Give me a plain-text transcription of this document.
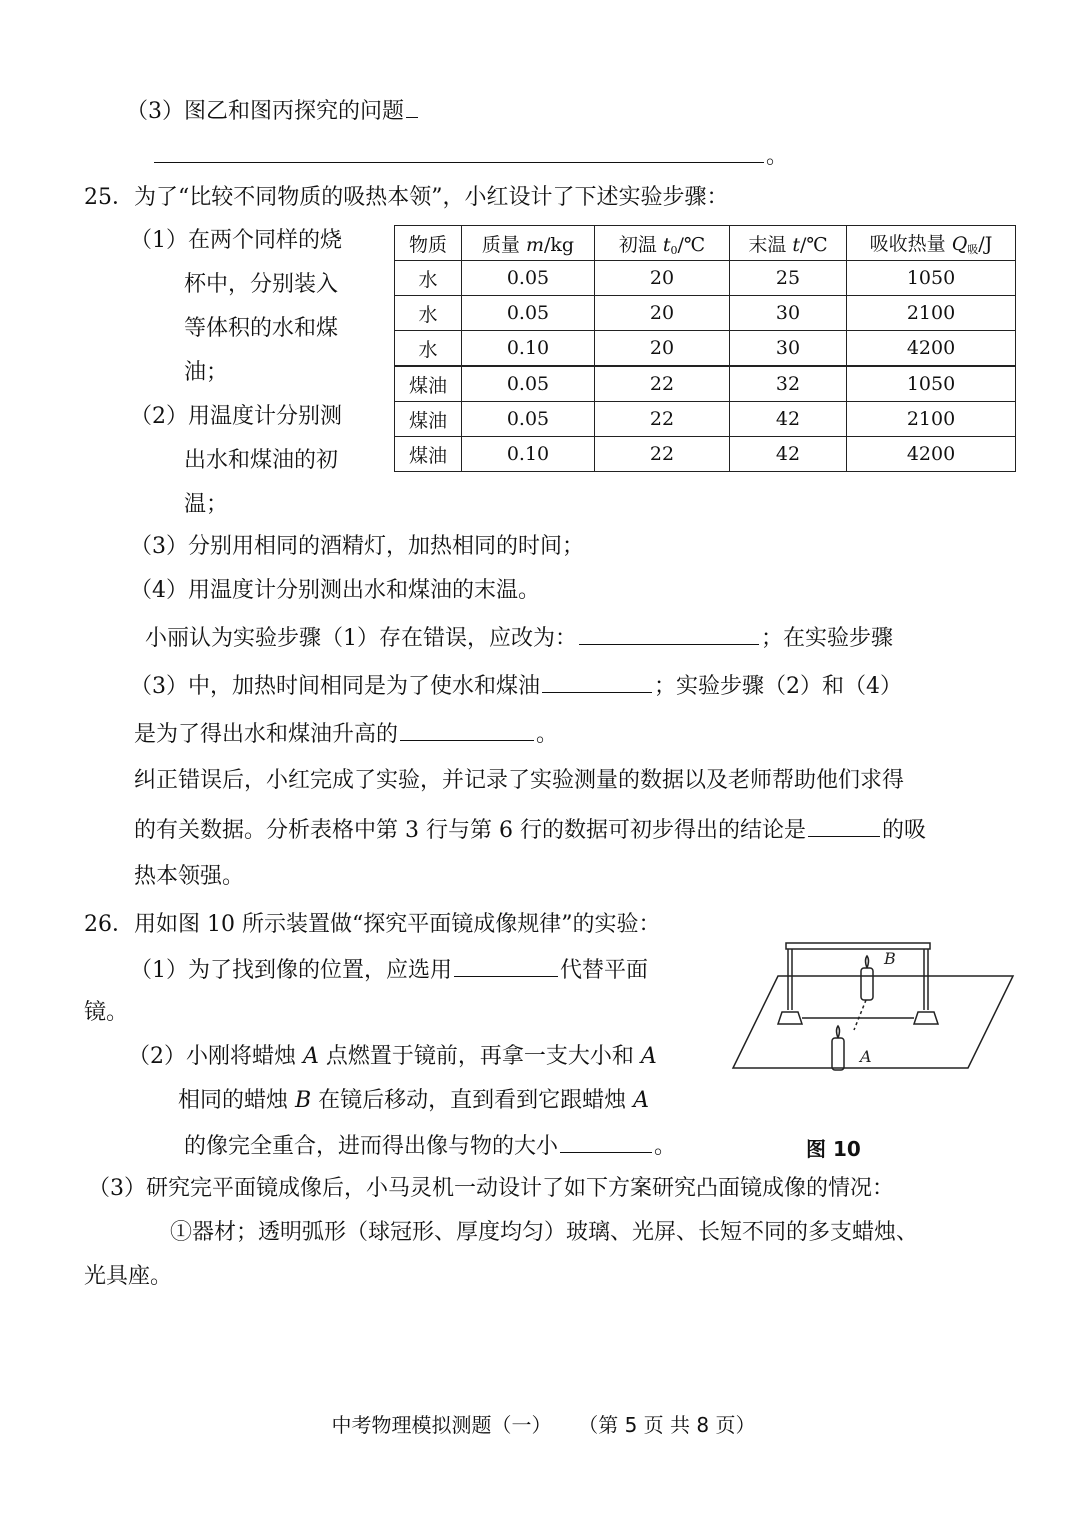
（3）图乙和图丙探究的问题
。
25．为了“比较不同物质的吸热本领”，小红设计了下述实验步骤：
（1）在两个同样的烧
杯中，分别装入
等体积的水和煤
油；
（2）用温度计分别测
出水和煤油的初
温；
物质	质量 m/kg	初温 $t_0/℃$	末温 t/℃	吸收热量 $Q_吸/J$
水	0.05	20	25	1050
水	0.05	20	30	2100
水	0.10	20	30	4200
煤油	0.05	22	32	1050
煤油	0.05	22	42	2100
煤油	0.10	22	42	4200
（3）分别用相同的酒精灯，加热相同的时间；
（4）用温度计分别测出水和煤油的末温。
小丽认为实验步骤（1）存在错误，应改为：	；在实验步骤
（3）中，加热时间相同是为了使水和煤油	；实验步骤（2）和（4）
是为了得出水和煤油升高的	。
纠正错误后，小红完成了实验，并记录了实验测量的数据以及老师帮助他们求得
的有关数据。分析表格中第 3 行与第 6 行的数据可初步得出的结论是	的吸
热本领强。
26．用如图 10 所示装置做“探究平面镜成像规律”的实验：
（1）为了找到像的位置，应选用	代替平面
镜。
（2）小刚将蜡烛 A 点燃置于镜前，再拿一支大小和 A
相同的蜡烛 B 在镜后移动，直到看到它跟蜡烛 A
的像完全重合，进而得出像与物的大小	。
（3）研究完平面镜成像后，小马灵机一动设计了如下方案研究凸面镜成像的情况：
①器材；透明弧形（球冠形、厚度均匀）玻璃、光屏、长短不同的多支蜡烛、
光具座。
B
A
图 10
中考物理模拟测题（一） （第 5 页 共 8 页）
